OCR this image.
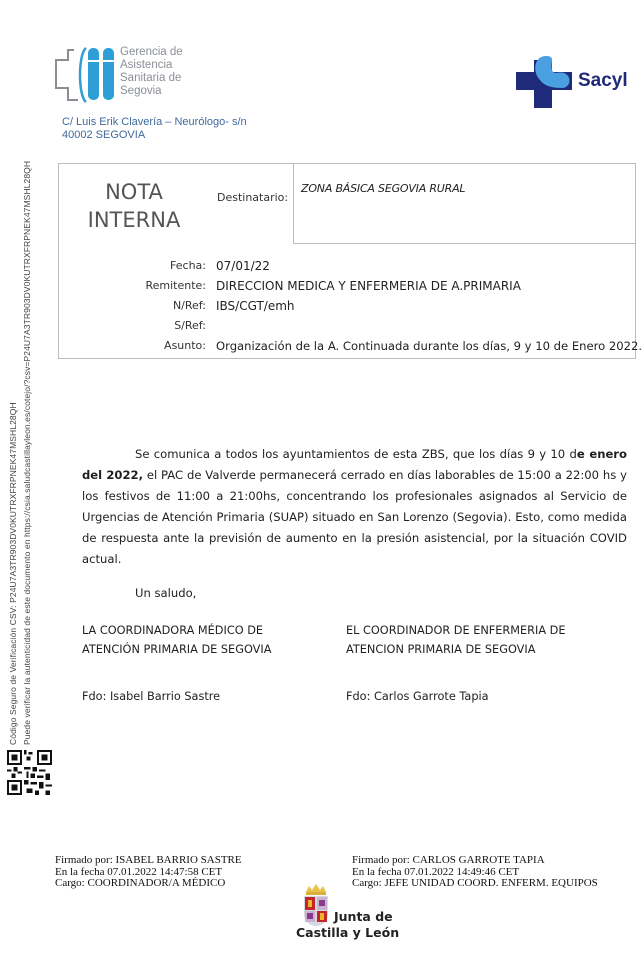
Gerencia de
Asistencia
Sanitaria de
Segovia
C/ Luis Erik Clavería – Neurólogo- s/n
40002 SEGOVIA
Sacyl
Código Seguro de Verificación CSV: P24U7A3TR903DV0KUTRXFRPNEK47MSHL28QH Puede verificar la autenticidad de este documento en https://csia.saludcastillayleon.es/cotejo/?csv=P24U7A3TR903DV0KUTRXFRPNEK47MSHL28QH	NOTA
INTERNA
Destinatario:
ZONA BÁSICA SEGOVIA RURAL
Fecha: 07/01/22
Remitente: DIRECCION MEDICA Y ENFERMERIA DE A.PRIMARIA
N/Ref: IBS/CGT/emh
S/Ref:
Asunto: Organización de la A. Continuada durante los días, 9 y 10 de Enero 2022.
Se comunica a todos los ayuntamientos de esta ZBS, que los días 9 y 10 de enero del 2022, el PAC de Valverde permanecerá cerrado en días laborables de 15:00 a 22:00 hs y los festivos de 11:00 a 21:00hs, concentrando los profesionales asignados al Servicio de Urgencias de Atención Primaria (SUAP) situado en San Lorenzo (Segovia). Esto, como medida de respuesta ante la previsión de aumento en la presión asistencial, por la situación COVID actual.
Un saludo,
LA COORDINADORA MÉDICO DE
ATENCIÓN PRIMARIA DE SEGOVIA
EL COORDINADOR DE ENFERMERIA DE
ATENCION PRIMARIA DE SEGOVIA
Fdo: Isabel Barrio Sastre	Fdo: Carlos Garrote Tapia
Firmado por: ISABEL BARRIO SASTRE
En la fecha 07.01.2022 14:47:58 CET
Cargo: COORDINADOR/A MÉDICO
Firmado por: CARLOS GARROTE TAPIA
En la fecha 07.01.2022 14:49:46 CET
Cargo: JEFE UNIDAD COORD. ENFERM. EQUIPOS
Junta de
Castilla y León
